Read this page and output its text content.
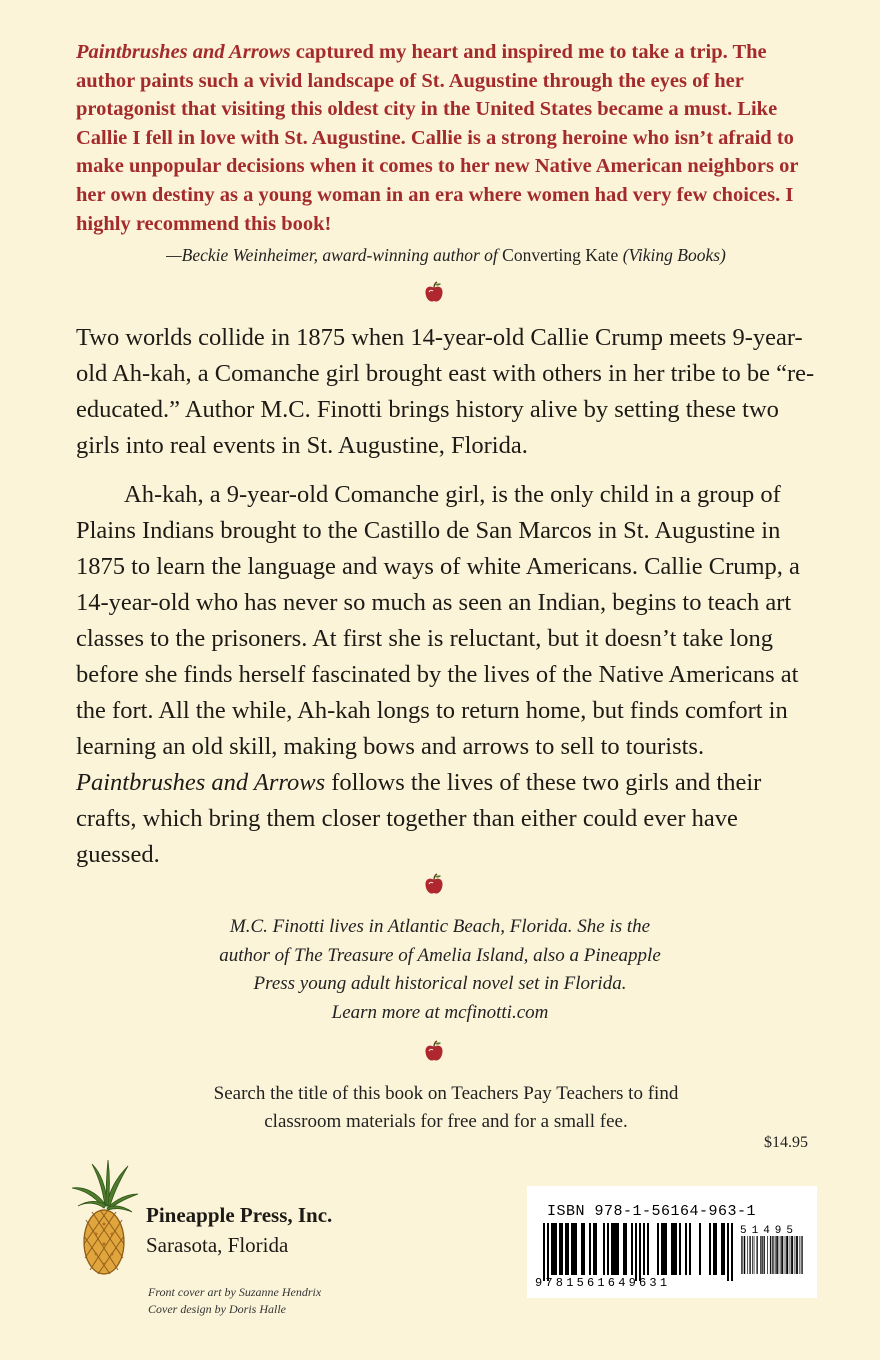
Paintbrushes and Arrows captured my heart and inspired me to take a trip. The author paints such a vivid landscape of St. Augustine through the eyes of her protagonist that visiting this oldest city in the United States became a must. Like Callie I fell in love with St. Augustine. Callie is a strong heroine who isn’t afraid to make unpopular decisions when it comes to her new Native American neighbors or her own destiny as a young woman in an era where women had very few choices. I highly recommend this book!
—Beckie Weinheimer, award-winning author of Converting Kate (Viking Books)

Two worlds collide in 1875 when 14-year-old Callie Crump meets 9-year-old Ah-kah, a Comanche girl brought east with others in her tribe to be “re-educated.” Author M.C. Finotti brings history alive by setting these two girls into real events in St. Augustine, Florida.

Ah-kah, a 9-year-old Comanche girl, is the only child in a group of Plains Indians brought to the Castillo de San Marcos in St. Augustine in 1875 to learn the language and ways of white Americans. Callie Crump, a 14-year-old who has never so much as seen an Indian, begins to teach art classes to the prisoners. At first she is reluctant, but it doesn’t take long before she finds herself fascinated by the lives of the Native Americans at the fort. All the while, Ah-kah longs to return home, but finds comfort in learning an old skill, making bows and arrows to sell to tourists. Paintbrushes and Arrows follows the lives of these two girls and their crafts, which bring them closer together than either could ever have guessed.

M.C. Finotti lives in Atlantic Beach, Florida. She is the
author of The Treasure of Amelia Island, also a Pineapple
Press young adult historical novel set in Florida.
Learn more at mcfinotti.com
Search the title of this book on Teachers Pay Teachers to find
classroom materials for free and for a small fee.
$14.95
Pineapple Press, Inc.
Sarasota, Florida
Front cover art by Suzanne Hendrix
Cover design by Doris Halle
ISBN 978-1-56164-963-1
51495
9781561649631
